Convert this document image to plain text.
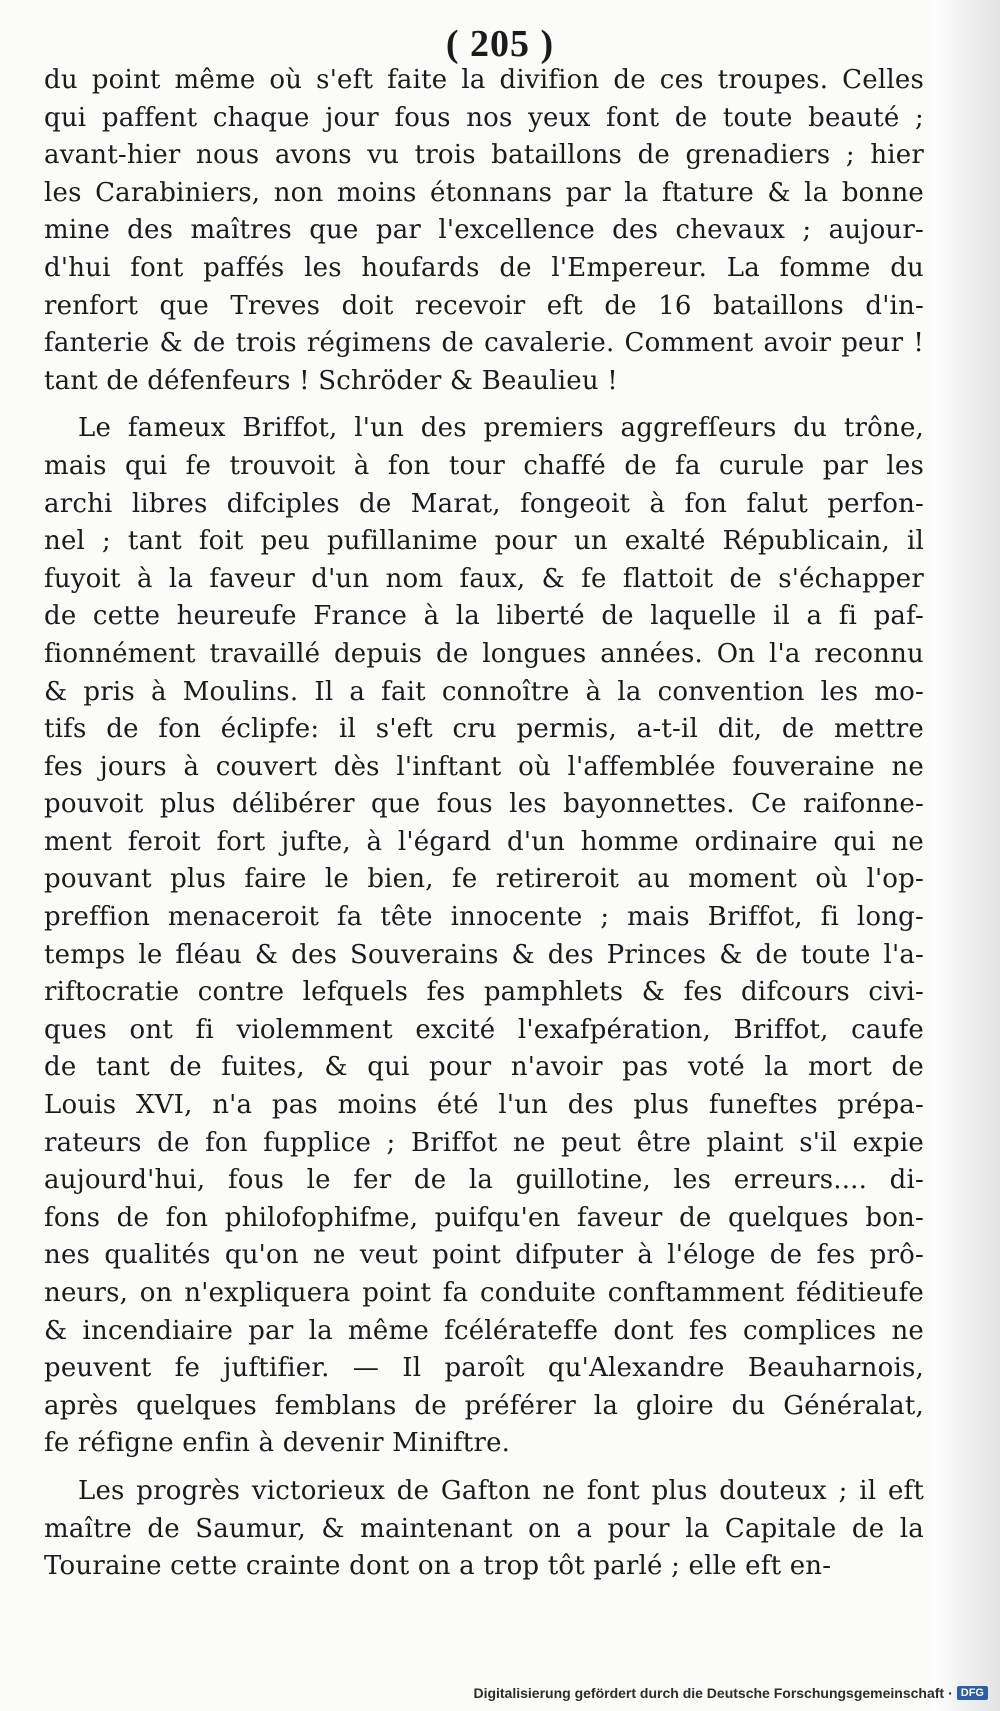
( 205 )
du point même où s'eft faite la divifion de ces troupes. Celles
qui paffent chaque jour fous nos yeux font de toute beauté ;
avant-hier nous avons vu trois bataillons de grenadiers ; hier
les Carabiniers, non moins étonnans par la ftature & la bonne
mine des maîtres que par l'excellence des chevaux ; aujour-
d'hui font paffés les houfards de l'Empereur. La fomme du
renfort que Treves doit recevoir eft de 16 bataillons d'in-
fanterie & de trois régimens de cavalerie. Comment avoir peur !
tant de défenfeurs ! Schröder & Beaulieu !
Le fameux Briffot, l'un des premiers aggrefſeurs du trône,
mais qui fe trouvoit à fon tour chaffé de fa curule par les
archi libres difciples de Marat, fongeoit à fon falut perfon-
nel ; tant foit peu pufillanime pour un exalté Républicain, il
fuyoit à la faveur d'un nom faux, & fe flattoit de s'échapper
de cette heureufe France à la liberté de laquelle il a fi paf-
fionnément travaillé depuis de longues années. On l'a reconnu
& pris à Moulins. Il a fait connoître à la convention les mo-
tifs de fon éclipfe: il s'eft cru permis, a-t-il dit, de mettre
fes jours à couvert dès l'inftant où l'affemblée fouveraine ne
pouvoit plus délibérer que fous les bayonnettes. Ce raifonne-
ment feroit fort jufte, à l'égard d'un homme ordinaire qui ne
pouvant plus faire le bien, fe retireroit au moment où l'op-
preffion menaceroit fa tête innocente ; mais Briffot, fi long-
temps le fléau & des Souverains & des Princes & de toute l'a-
riftocratie contre lefquels fes pamphlets & fes difcours civi-
ques ont fi violemment excité l'exafpération, Briffot, caufe
de tant de fuites, & qui pour n'avoir pas voté la mort de
Louis XVI, n'a pas moins été l'un des plus funeftes prépa-
rateurs de fon fupplice ; Briffot ne peut être plaint s'il expie
aujourd'hui, fous le fer de la guillotine, les erreurs.... di-
fons de fon philofophifme, puifqu'en faveur de quelques bon-
nes qualités qu'on ne veut point difputer à l'éloge de fes prô-
neurs, on n'expliquera point fa conduite conftamment féditieufe
& incendiaire par la même fcélérateffe dont fes complices ne
peuvent fe juftifier. — Il paroît qu'Alexandre Beauharnois,
après quelques femblans de préférer la gloire du Généralat,
fe réfigne enfin à devenir Miniftre.
Les progrès victorieux de Gafton ne font plus douteux ; il eft
maître de Saumur, & maintenant on a pour la Capitale de la
Touraine cette crainte dont on a trop tôt parlé ; elle eft en-
Digitalisierung gefördert durch die Deutsche Forschungsgemeinschaft · DFG
